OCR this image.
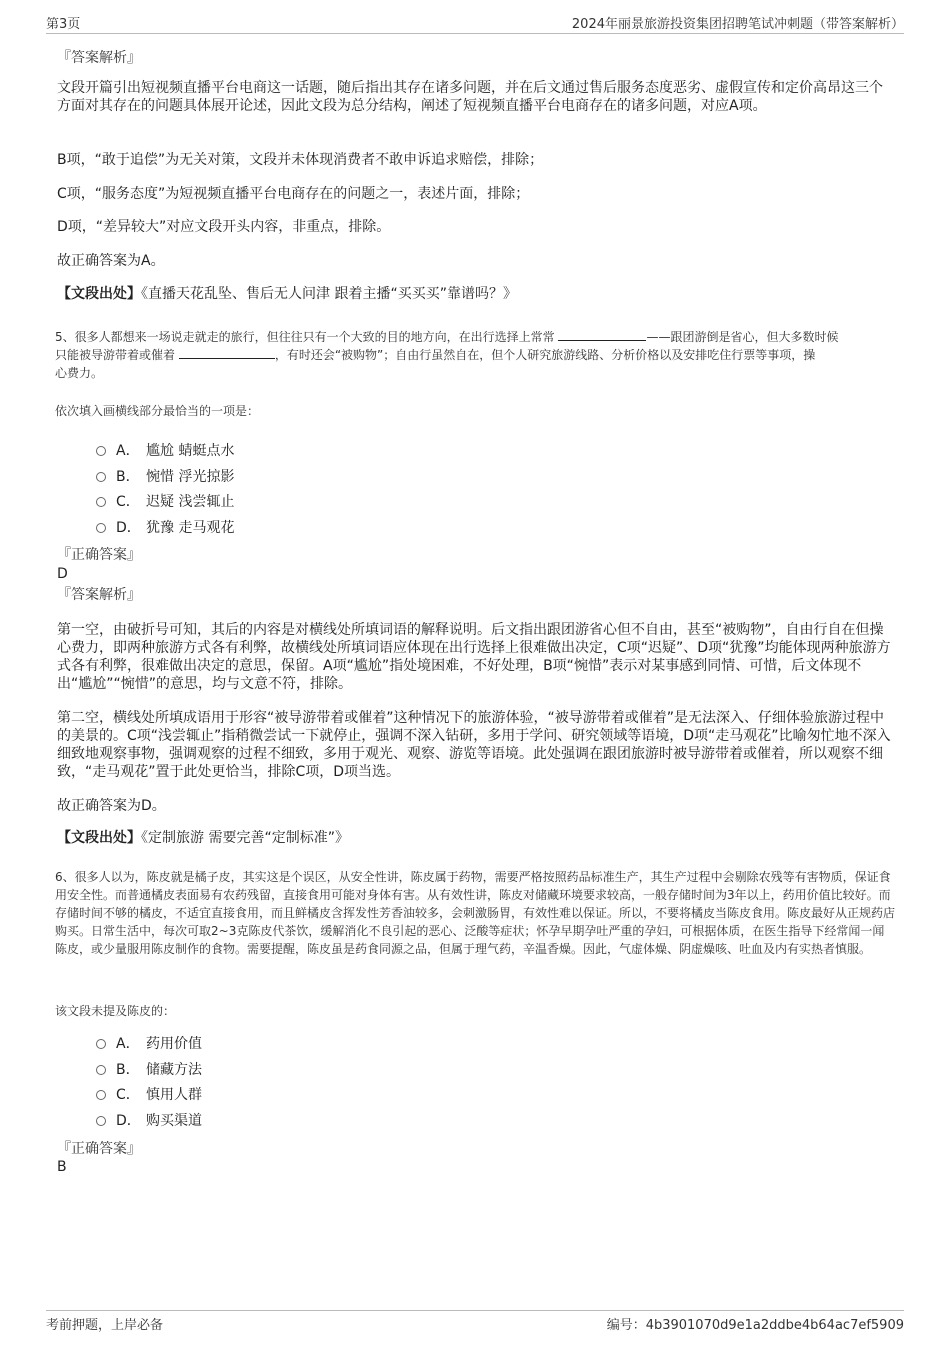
第3页	2024年丽景旅游投资集团招聘笔试冲刺题（带答案解析）
『答案解析』
文段开篇引出短视频直播平台电商这一话题，随后指出其存在诸多问题，并在后文通过售后服务态度恶劣、虚假宣传和定价高昂这三个方面对其存在的问题具体展开论述，因此文段为总分结构，阐述了短视频直播平台电商存在的诸多问题，对应A项。
B项，“敢于追偿”为无关对策，文段并未体现消费者不敢申诉追求赔偿，排除；
C项，“服务态度”为短视频直播平台电商存在的问题之一，表述片面，排除；
D项，“差异较大”对应文段开头内容，非重点，排除。
故正确答案为A。
【文段出处】《直播天花乱坠、售后无人问津 跟着主播“买买买”靠谱吗？》
5、很多人都想来一场说走就走的旅行，但往往只有一个大致的目的地方向，在出行选择上常常	——跟团游倒是省心，但大多数时候
只能被导游带着或催着	，有时还会“被购物”；自由行虽然自在，但个人研究旅游线路、分析价格以及安排吃住行票等事项，操
心费力。
依次填入画横线部分最恰当的一项是：
A． 尴尬 蜻蜓点水
B． 惋惜 浮光掠影
C． 迟疑 浅尝辄止
D． 犹豫 走马观花
『正确答案』
D
『答案解析』
第一空，由破折号可知，其后的内容是对横线处所填词语的解释说明。后文指出跟团游省心但不自由，甚至“被购物”，自由行自在但操心费力，即两种旅游方式各有利弊，故横线处所填词语应体现在出行选择上很难做出决定，C项“迟疑”、D项“犹豫”均能体现两种旅游方式各有利弊，很难做出决定的意思，保留。A项“尴尬”指处境困难，不好处理，B项“惋惜”表示对某事感到同情、可惜，后文体现不出“尴尬”“惋惜”的意思，均与文意不符，排除。
第二空，横线处所填成语用于形容“被导游带着或催着”这种情况下的旅游体验，“被导游带着或催着”是无法深入、仔细体验旅游过程中的美景的。C项“浅尝辄止”指稍微尝试一下就停止，强调不深入钻研，多用于学问、研究领域等语境，D项“走马观花”比喻匆忙地不深入细致地观察事物，强调观察的过程不细致，多用于观光、观察、游览等语境。此处强调在跟团旅游时被导游带着或催着，所以观察不细致，“走马观花”置于此处更恰当，排除C项，D项当选。
故正确答案为D。
【文段出处】《定制旅游 需要完善“定制标准”》
6、很多人以为，陈皮就是橘子皮，其实这是个误区，从安全性讲，陈皮属于药物，需要严格按照药品标准生产，其生产过程中会剔除农残等有害物质，保证食用安全性。而普通橘皮表面易有农药残留，直接食用可能对身体有害。从有效性讲，陈皮对储藏环境要求较高，一般存储时间为3年以上，药用价值比较好。而存储时间不够的橘皮，不适宜直接食用，而且鲜橘皮含挥发性芳香油较多，会刺激肠胃，有效性难以保证。所以，不要将橘皮当陈皮食用。陈皮最好从正规药店购买。日常生活中，每次可取2~3克陈皮代茶饮，缓解消化不良引起的恶心、泛酸等症状；怀孕早期孕吐严重的孕妇，可根据体质，在医生指导下经常闻一闻陈皮，或少量服用陈皮制作的食物。需要提醒，陈皮虽是药食同源之品，但属于理气药，辛温香燥。因此，气虚体燥、阴虚燥咳、吐血及内有实热者慎服。
该文段未提及陈皮的：
A． 药用价值
B． 储藏方法
C． 慎用人群
D． 购买渠道
『正确答案』
B
考前押题，上岸必备	编号：4b3901070d9e1a2ddbe4b64ac7ef5909
